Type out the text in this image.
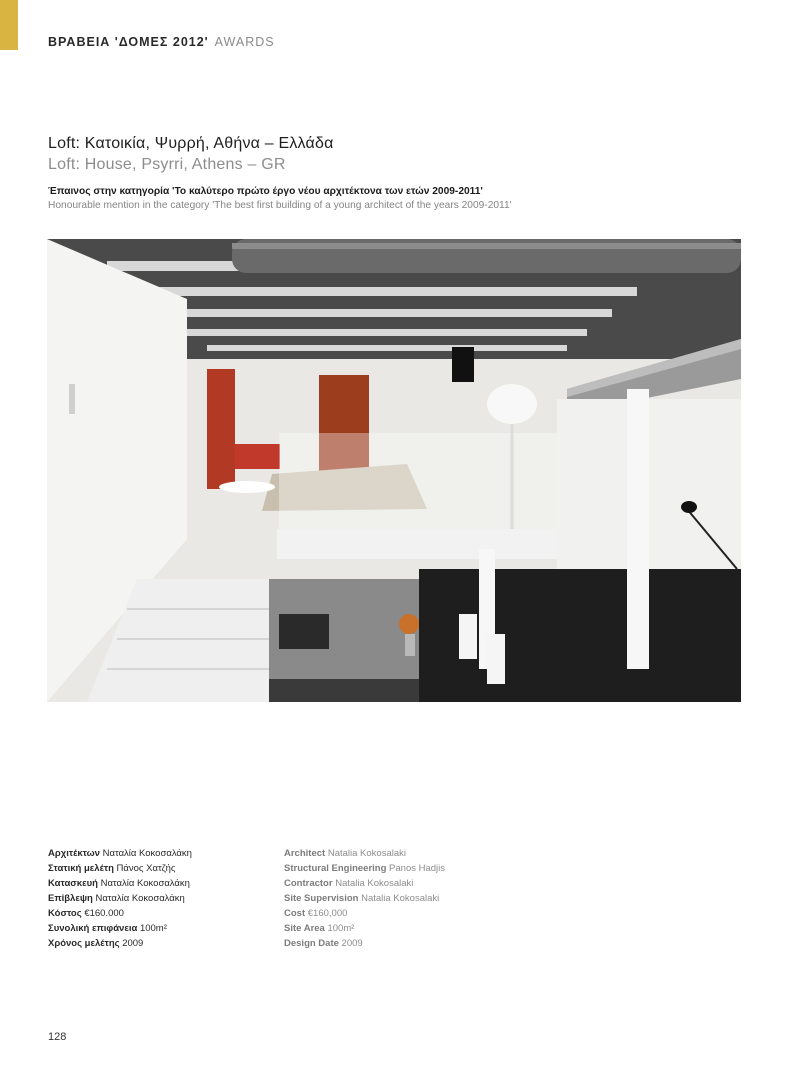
ΒΡΑΒΕΙΑ 'ΔΟΜΕΣ 2012' AWARDS
Loft: Κατοικία, Ψυρρή, Αθήνα – Ελλάδα
Loft: House, Psyrri, Athens – GR
Έπαινος στην κατηγορία 'Το καλύτερο πρώτο έργο νέου αρχιτέκτονα των ετών 2009-2011'
Honourable mention in the category 'The best first building of a young architect of the years 2009-2011'
Αρχιτέκτων Ναταλία Κοκοσαλάκη
Στατική μελέτη Πάνος Χατζής
Κατασκευή Ναταλία Κοκοσαλάκη
Επίβλεψη Ναταλία Κοκοσαλάκη
Κόστος €160.000
Συνολική επιφάνεια 100m²
Χρόνος μελέτης 2009
Architect Natalia Kokosalaki
Structural Engineering Panos Hadjis
Contractor Natalia Kokosalaki
Site Supervision Natalia Kokosalaki
Cost €160,000
Site Area 100m²
Design Date 2009
128
